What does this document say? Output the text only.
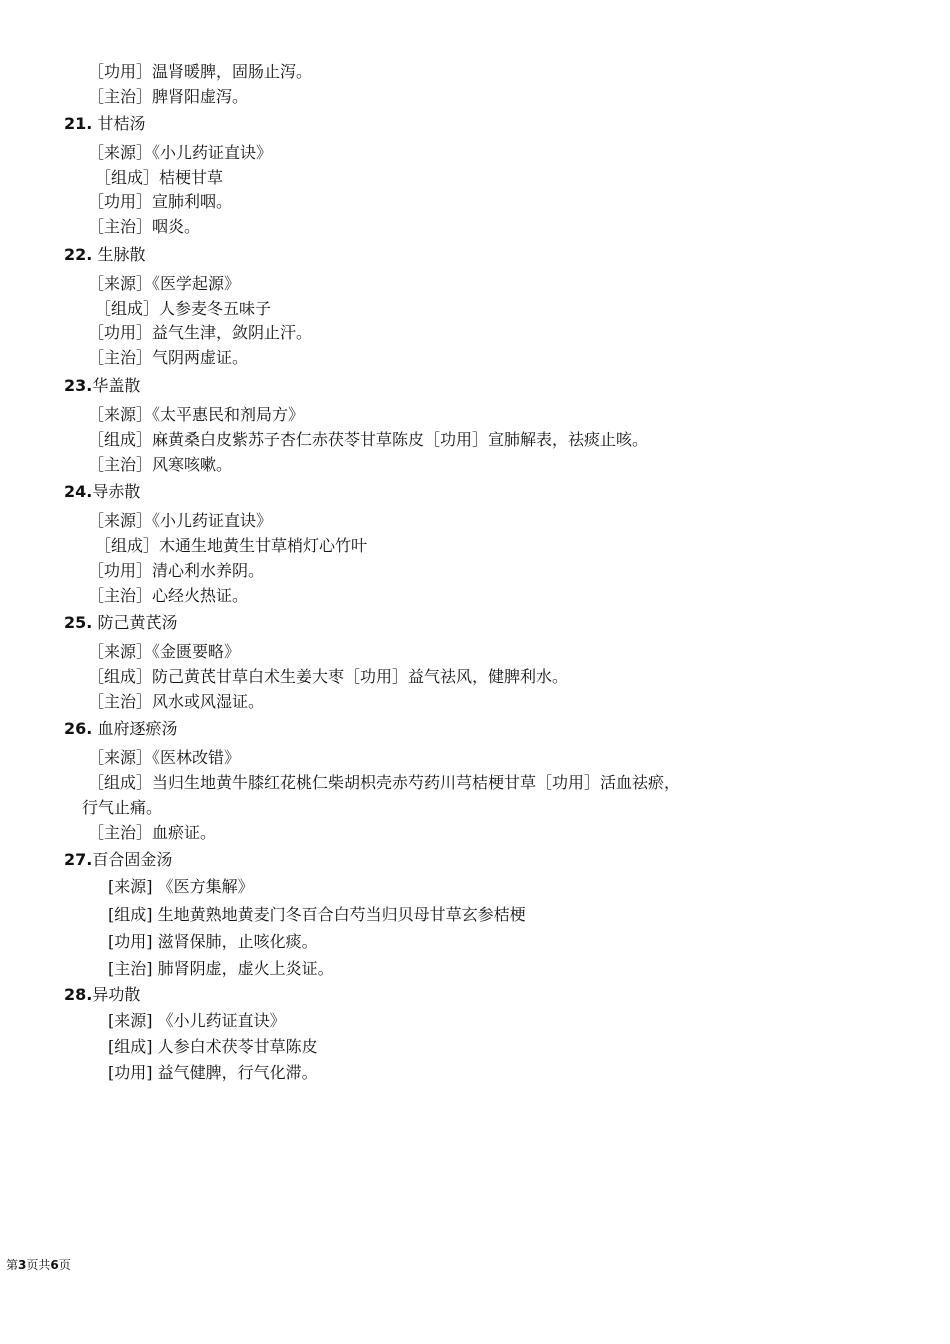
［功用］温肾暖脾，固肠止泻。
［主治］脾肾阳虚泻。
21. 甘桔汤
［来源］《小儿药证直诀》
［组成］桔梗甘草
［功用］宣肺利咽。
［主治］咽炎。
22. 生脉散
［来源］《医学起源》
［组成］人参麦冬五味子
［功用］益气生津，敛阴止汗。
［主治］气阴两虚证。
23.华盖散
［来源］《太平惠民和剂局方》
［组成］麻黄桑白皮紫苏子杏仁赤茯苓甘草陈皮［功用］宣肺解表，祛痰止咳。
［主治］风寒咳嗽。
24.导赤散
［来源］《小儿药证直诀》
［组成］木通生地黄生甘草梢灯心竹叶
［功用］清心利水养阴。
［主治］心经火热证。
25. 防己黄芪汤
［来源］《金匮要略》
［组成］防己黄芪甘草白术生姜大枣［功用］益气祛风，健脾利水。
［主治］风水或风湿证。
26. 血府逐瘀汤
［来源］《医林改错》
［组成］当归生地黄牛膝红花桃仁柴胡枳壳赤芍药川芎桔梗甘草［功用］活血祛瘀，
行气止痛。
［主治］血瘀证。
27.百合固金汤
[来源] 《医方集解》
[组成] 生地黄熟地黄麦门冬百合白芍当归贝母甘草玄参桔梗
[功用] 滋肾保肺，止咳化痰。
[主治] 肺肾阴虚，虚火上炎证。
28.异功散
[来源] 《小儿药证直诀》
[组成] 人参白术茯苓甘草陈皮
[功用] 益气健脾，行气化滞。
第3页共6页
